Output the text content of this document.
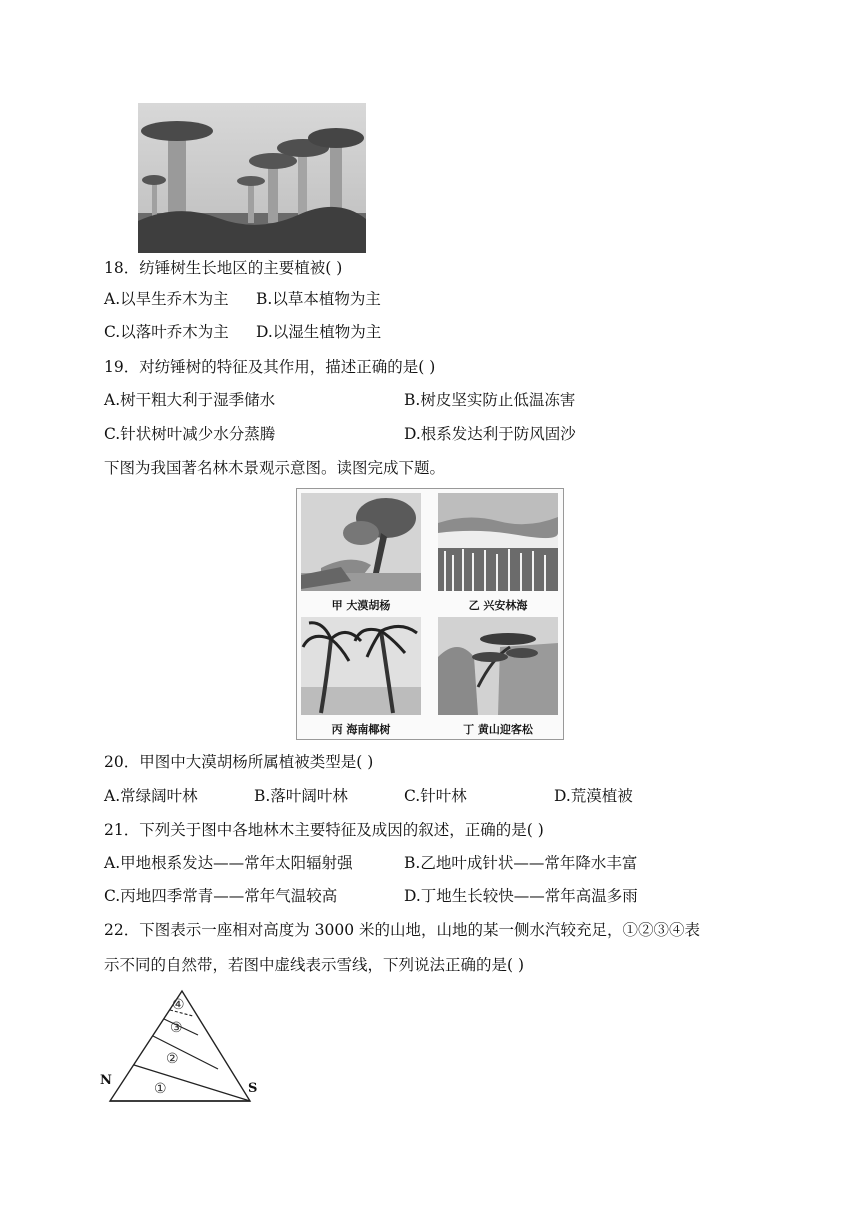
18．纺锤树生长地区的主要植被( )
A.以旱生乔木为主 B.以草本植物为主
C.以落叶乔木为主 D.以湿生植物为主
19．对纺锤树的特征及其作用，描述正确的是( )
A.树干粗大利于湿季储水	B.树皮坚实防止低温冻害
C.针状树叶减少水分蒸腾	D.根系发达利于防风固沙
下图为我国著名林木景观示意图。读图完成下题。
甲 大漠胡杨	乙 兴安林海
丙 海南椰树	丁 黄山迎客松
20．甲图中大漠胡杨所属植被类型是( )
A.常绿阔叶林	B.落叶阔叶林	C.针叶林	D.荒漠植被
21．下列关于图中各地林木主要特征及成因的叙述，正确的是( )
A.甲地根系发达——常年太阳辐射强	B.乙地叶成针状——常年降水丰富
C.丙地四季常青——常年气温较高	D.丁地生长较快——常年高温多雨
22．下图表示一座相对高度为 3000 米的山地，山地的某一侧水汽较充足，①②③④表
示不同的自然带，若图中虚线表示雪线，下列说法正确的是( )
④
③
②
①
N
S
